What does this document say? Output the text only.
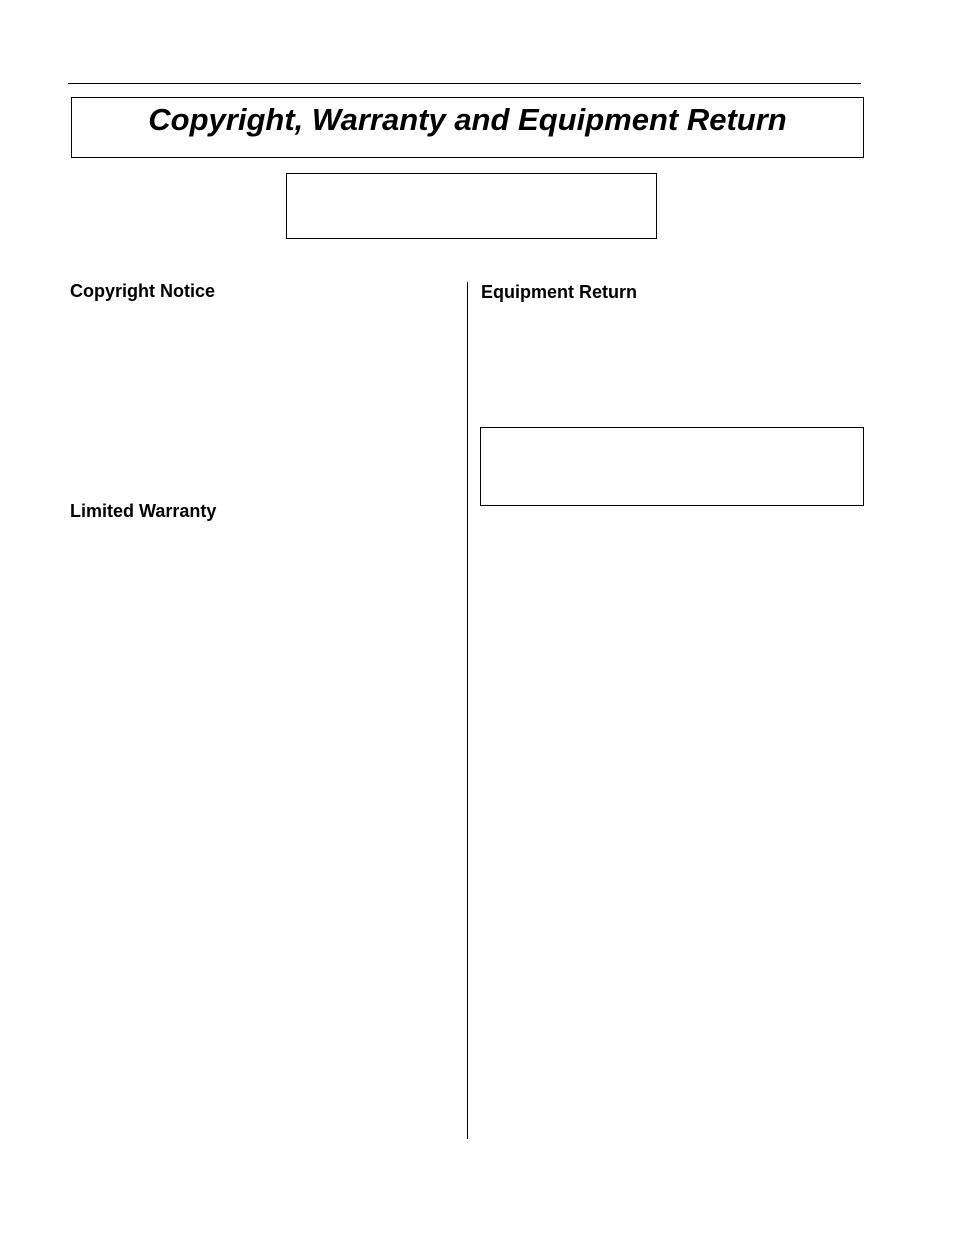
Copyright, Warranty and Equipment Return
Copyright Notice
Limited Warranty
Equipment Return
